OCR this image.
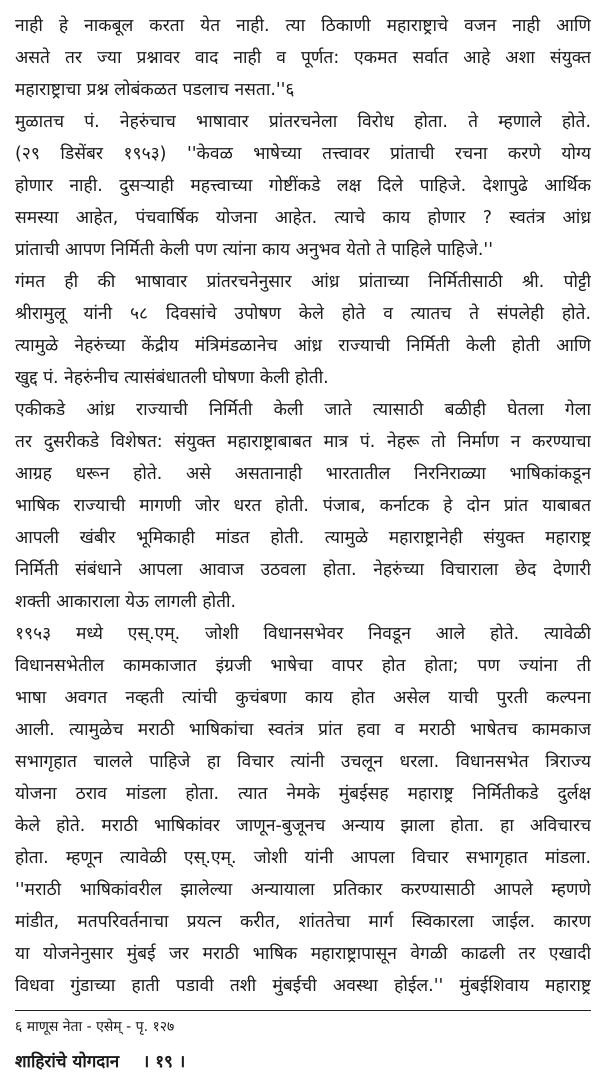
नाही हे नाकबूल करता येत नाही. त्या ठिकाणी महाराष्ट्राचे वजन नाही आणि
असते तर ज्या प्रश्नावर वाद नाही व पूर्णत: एकमत सर्वात आहे अशा संयुक्त
महाराष्ट्राचा प्रश्न लोबंकळत पडलाच नसता.''६
मुळातच पं. नेहरुंचाच भाषावार प्रांतरचनेला विरोध होता. ते म्हणाले होते.
(२९ डिसेंबर १९५३) ''केवळ भाषेच्या तत्त्वावर प्रांताची रचना करणे योग्य
होणार नाही. दुसऱ्याही महत्त्वाच्या गोष्टींकडे लक्ष दिले पाहिजे. देशापुढे आर्थिक
समस्या आहेत, पंचवार्षिक योजना आहेत. त्याचे काय होणार ? स्वतंत्र आंध्र
प्रांताची आपण निर्मिती केली पण त्यांना काय अनुभव येतो ते पाहिले पाहिजे.''
गंमत ही की भाषावार प्रांतरचनेनुसार आंध्र प्रांताच्या निर्मितीसाठी श्री. पोट्टी
श्रीरामुलू यांनी ५८ दिवसांचे उपोषण केले होते व त्यातच ते संपलेही होते.
त्यामुळे नेहरुंच्या केंद्रीय मंत्रिमंडळानेच आंध्र राज्याची निर्मिती केली होती आणि
खुद्द पं. नेहरुंनीच त्यासंबंधातली घोषणा केली होती.
एकीकडे आंध्र राज्याची निर्मिती केली जाते त्यासाठी बळीही घेतला गेला
तर दुसरीकडे विशेषत: संयुक्त महाराष्ट्राबाबत मात्र पं. नेहरू तो निर्माण न करण्याचा
आग्रह धरून होते. असे असतानाही भारतातील निरनिराळ्या भाषिकांकडून
भाषिक राज्याची मागणी जोर धरत होती. पंजाब, कर्नाटक हे दोन प्रांत याबाबत
आपली खंबीर भूमिकाही मांडत होती. त्यामुळे महाराष्ट्रानेही संयुक्त महाराष्ट्र
निर्मिती संबंधाने आपला आवाज उठवला होता. नेहरुंच्या विचाराला छेद देणारी
शक्ती आकाराला येऊ लागली होती.
१९५३ मध्ये एस्.एम्. जोशी विधानसभेवर निवडून आले होते. त्यावेळी
विधानसभेतील कामकाजात इंग्रजी भाषेचा वापर होत होता; पण ज्यांना ती
भाषा अवगत नव्हती त्यांची कुचंबणा काय होत असेल याची पुरती कल्पना
आली. त्यामुळेच मराठी भाषिकांचा स्वतंत्र प्रांत हवा व मराठी भाषेतच कामकाज
सभागृहात चालले पाहिजे हा विचार त्यांनी उचलून धरला. विधानसभेत त्रिराज्य
योजना ठराव मांडला होता. त्यात नेमके मुंबईसह महाराष्ट्र निर्मितीकडे दुर्लक्ष
केले होते. मराठी भाषिकांवर जाणून-बुजूनच अन्याय झाला होता. हा अविचारच
होता. म्हणून त्यावेळी एस्.एम्. जोशी यांनी आपला विचार सभागृहात मांडला.
''मराठी भाषिकांवरील झालेल्या अन्यायाला प्रतिकार करण्यासाठी आपले म्हणणे
मांडीत, मतपरिवर्तनाचा प्रयत्न करीत, शांततेचा मार्ग स्विकारला जाईल. कारण
या योजनेनुसार मुंबई जर मराठी भाषिक महाराष्ट्रापासून वेगळी काढली तर एखादी
विधवा गुंडाच्या हाती पडावी तशी मुंबईची अवस्था होईल.'' मुंबईशिवाय महाराष्ट्र
६ माणूस नेता - एसेम् - पृ. १२७
शाहिरांचे योगदान । १९ ।
